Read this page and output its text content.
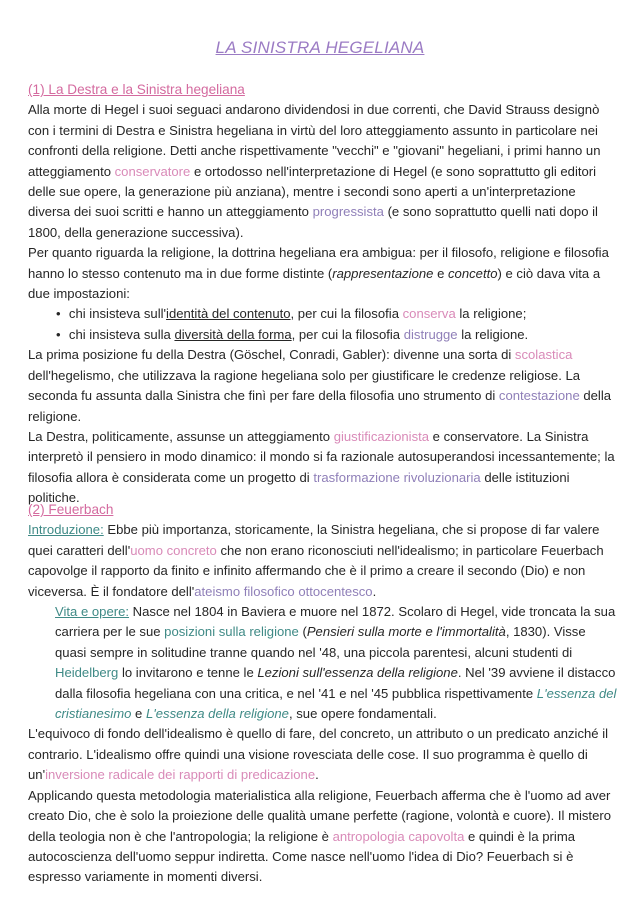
LA SINISTRA HEGELIANA

(1) La Destra e la Sinistra hegeliana

Alla morte di Hegel i suoi seguaci andarono dividendosi in due correnti, che David Strauss designò con i termini di Destra e Sinistra hegeliana in virtù del loro atteggiamento assunto in particolare nei confronti della religione. Detti anche rispettivamente "vecchi" e "giovani" hegeliani, i primi hanno un atteggiamento conservatore e ortodosso nell'interpretazione di Hegel (e sono soprattutto gli editori delle sue opere, la generazione più anziana), mentre i secondi sono aperti a un'interpretazione diversa dei suoi scritti e hanno un atteggiamento progressista (e sono soprattutto quelli nati dopo il 1800, della generazione successiva).

Per quanto riguarda la religione, la dottrina hegeliana era ambigua: per il filosofo, religione e filosofia hanno lo stesso contenuto ma in due forme distinte (rappresentazione e concetto) e ciò dava vita a due impostazioni:

• chi insisteva sull'identità del contenuto, per cui la filosofia conserva la religione;
• chi insisteva sulla diversità della forma, per cui la filosofia distrugge la religione.

La prima posizione fu della Destra (Göschel, Conradi, Gabler): divenne una sorta di scolastica dell'hegelismo, che utilizzava la ragione hegeliana solo per giustificare le credenze religiose. La seconda fu assunta dalla Sinistra che finì per fare della filosofia uno strumento di contestazione della religione.

La Destra, politicamente, assunse un atteggiamento giustificazionista e conservatore. La Sinistra interpretò il pensiero in modo dinamico: il mondo si fa razionale autosuperandosi incessantemente; la filosofia allora è considerata come un progetto di trasformazione rivoluzionaria delle istituzioni politiche.

(2) Feuerbach

Introduzione: Ebbe più importanza, storicamente, la Sinistra hegeliana, che si propose di far valere quei caratteri dell'uomo concreto che non erano riconosciuti nell'idealismo; in particolare Feuerbach capovolge il rapporto da finito e infinito affermando che è il primo a creare il secondo (Dio) e non viceversa. È il fondatore dell'ateismo filosofico ottocentesco.

Vita e opere: Nasce nel 1804 in Baviera e muore nel 1872. Scolaro di Hegel, vide troncata la sua carriera per le sue posizioni sulla religione (Pensieri sulla morte e l'immortalità, 1830). Visse quasi sempre in solitudine tranne quando nel '48, una piccola parentesi, alcuni studenti di Heidelberg lo invitarono e tenne le Lezioni sull'essenza della religione. Nel '39 avviene il distacco dalla filosofia hegeliana con una critica, e nel '41 e nel '45 pubblica rispettivamente L'essenza del cristianesimo e L'essenza della religione, sue opere fondamentali.

L'equivoco di fondo dell'idealismo è quello di fare, del concreto, un attributo o un predicato anziché il contrario. L'idealismo offre quindi una visione rovesciata delle cose. Il suo programma è quello di un'inversione radicale dei rapporti di predicazione.

Applicando questa metodologia materialistica alla religione, Feuerbach afferma che è l'uomo ad aver creato Dio, che è solo la proiezione delle qualità umane perfette (ragione, volontà e cuore). Il mistero della teologia non è che l'antropologia; la religione è antropologia capovolta e quindi è la prima autocoscienza dell'uomo seppur indiretta. Come nasce nell'uomo l'idea di Dio? Feuerbach si è espresso variamente in momenti diversi.
